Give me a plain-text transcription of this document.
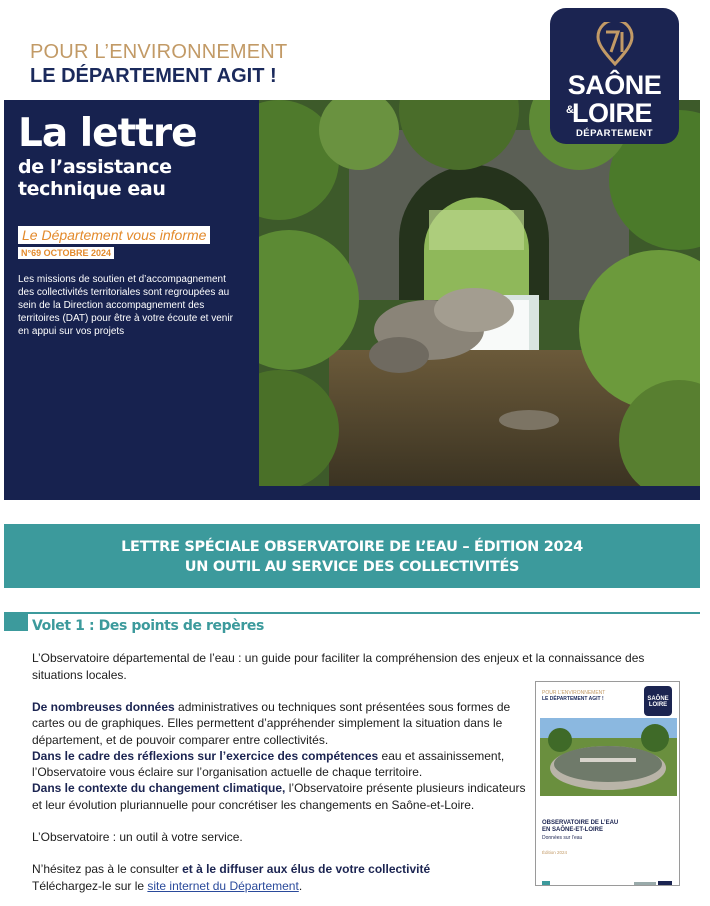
POUR L’ENVIRONNEMENT
LE DÉPARTEMENT AGIT !	SAÔNE
&
LOIRE
DÉPARTEMENT
La lettre
de l’assistance
technique eau
Le Département vous informe
N°69 OCTOBRE 2024
Les missions de soutien et d’accompagnement des collectivités territoriales sont regroupées au sein de la Direction accompagnement des territoires (DAT) pour être à votre écoute et venir en appui sur vos projets
LETTRE SPÉCIALE OBSERVATOIRE DE L’EAU – ÉDITION 2024
UN OUTIL AU SERVICE DES COLLECTIVITÉS
Volet 1 : Des points de repères
L’Observatoire départemental de l’eau : un guide pour faciliter la compréhension des enjeux et la connaissance des situations locales.

De nombreuses données administratives ou techniques sont présentées sous formes de cartes ou de graphiques. Elles permettent d’appréhender simplement la situation dans le département, et de pouvoir comparer entre collectivités.

Dans le cadre des réflexions sur l’exercice des compétences eau et assainissement, l’Observatoire vous éclaire sur l’organisation actuelle de chaque territoire.

Dans le contexte du changement climatique, l’Observatoire présente plusieurs indicateurs et leur évolution pluriannuelle pour concrétiser les changements en Saône-et-Loire.

L’Observatoire : un outil à votre service.

N’hésitez pas à le consulter et à le diffuser aux élus de votre collectivité

Téléchargez-le sur le site internet du Département.

POUR L’ENVIRONNEMENT
LE DÉPARTEMENT AGIT !	SAÔNE LOIRE
OBSERVATOIRE DE L’EAU
EN SAÔNE-ET-LOIRE
Données sur l’eau
Édition 2024
